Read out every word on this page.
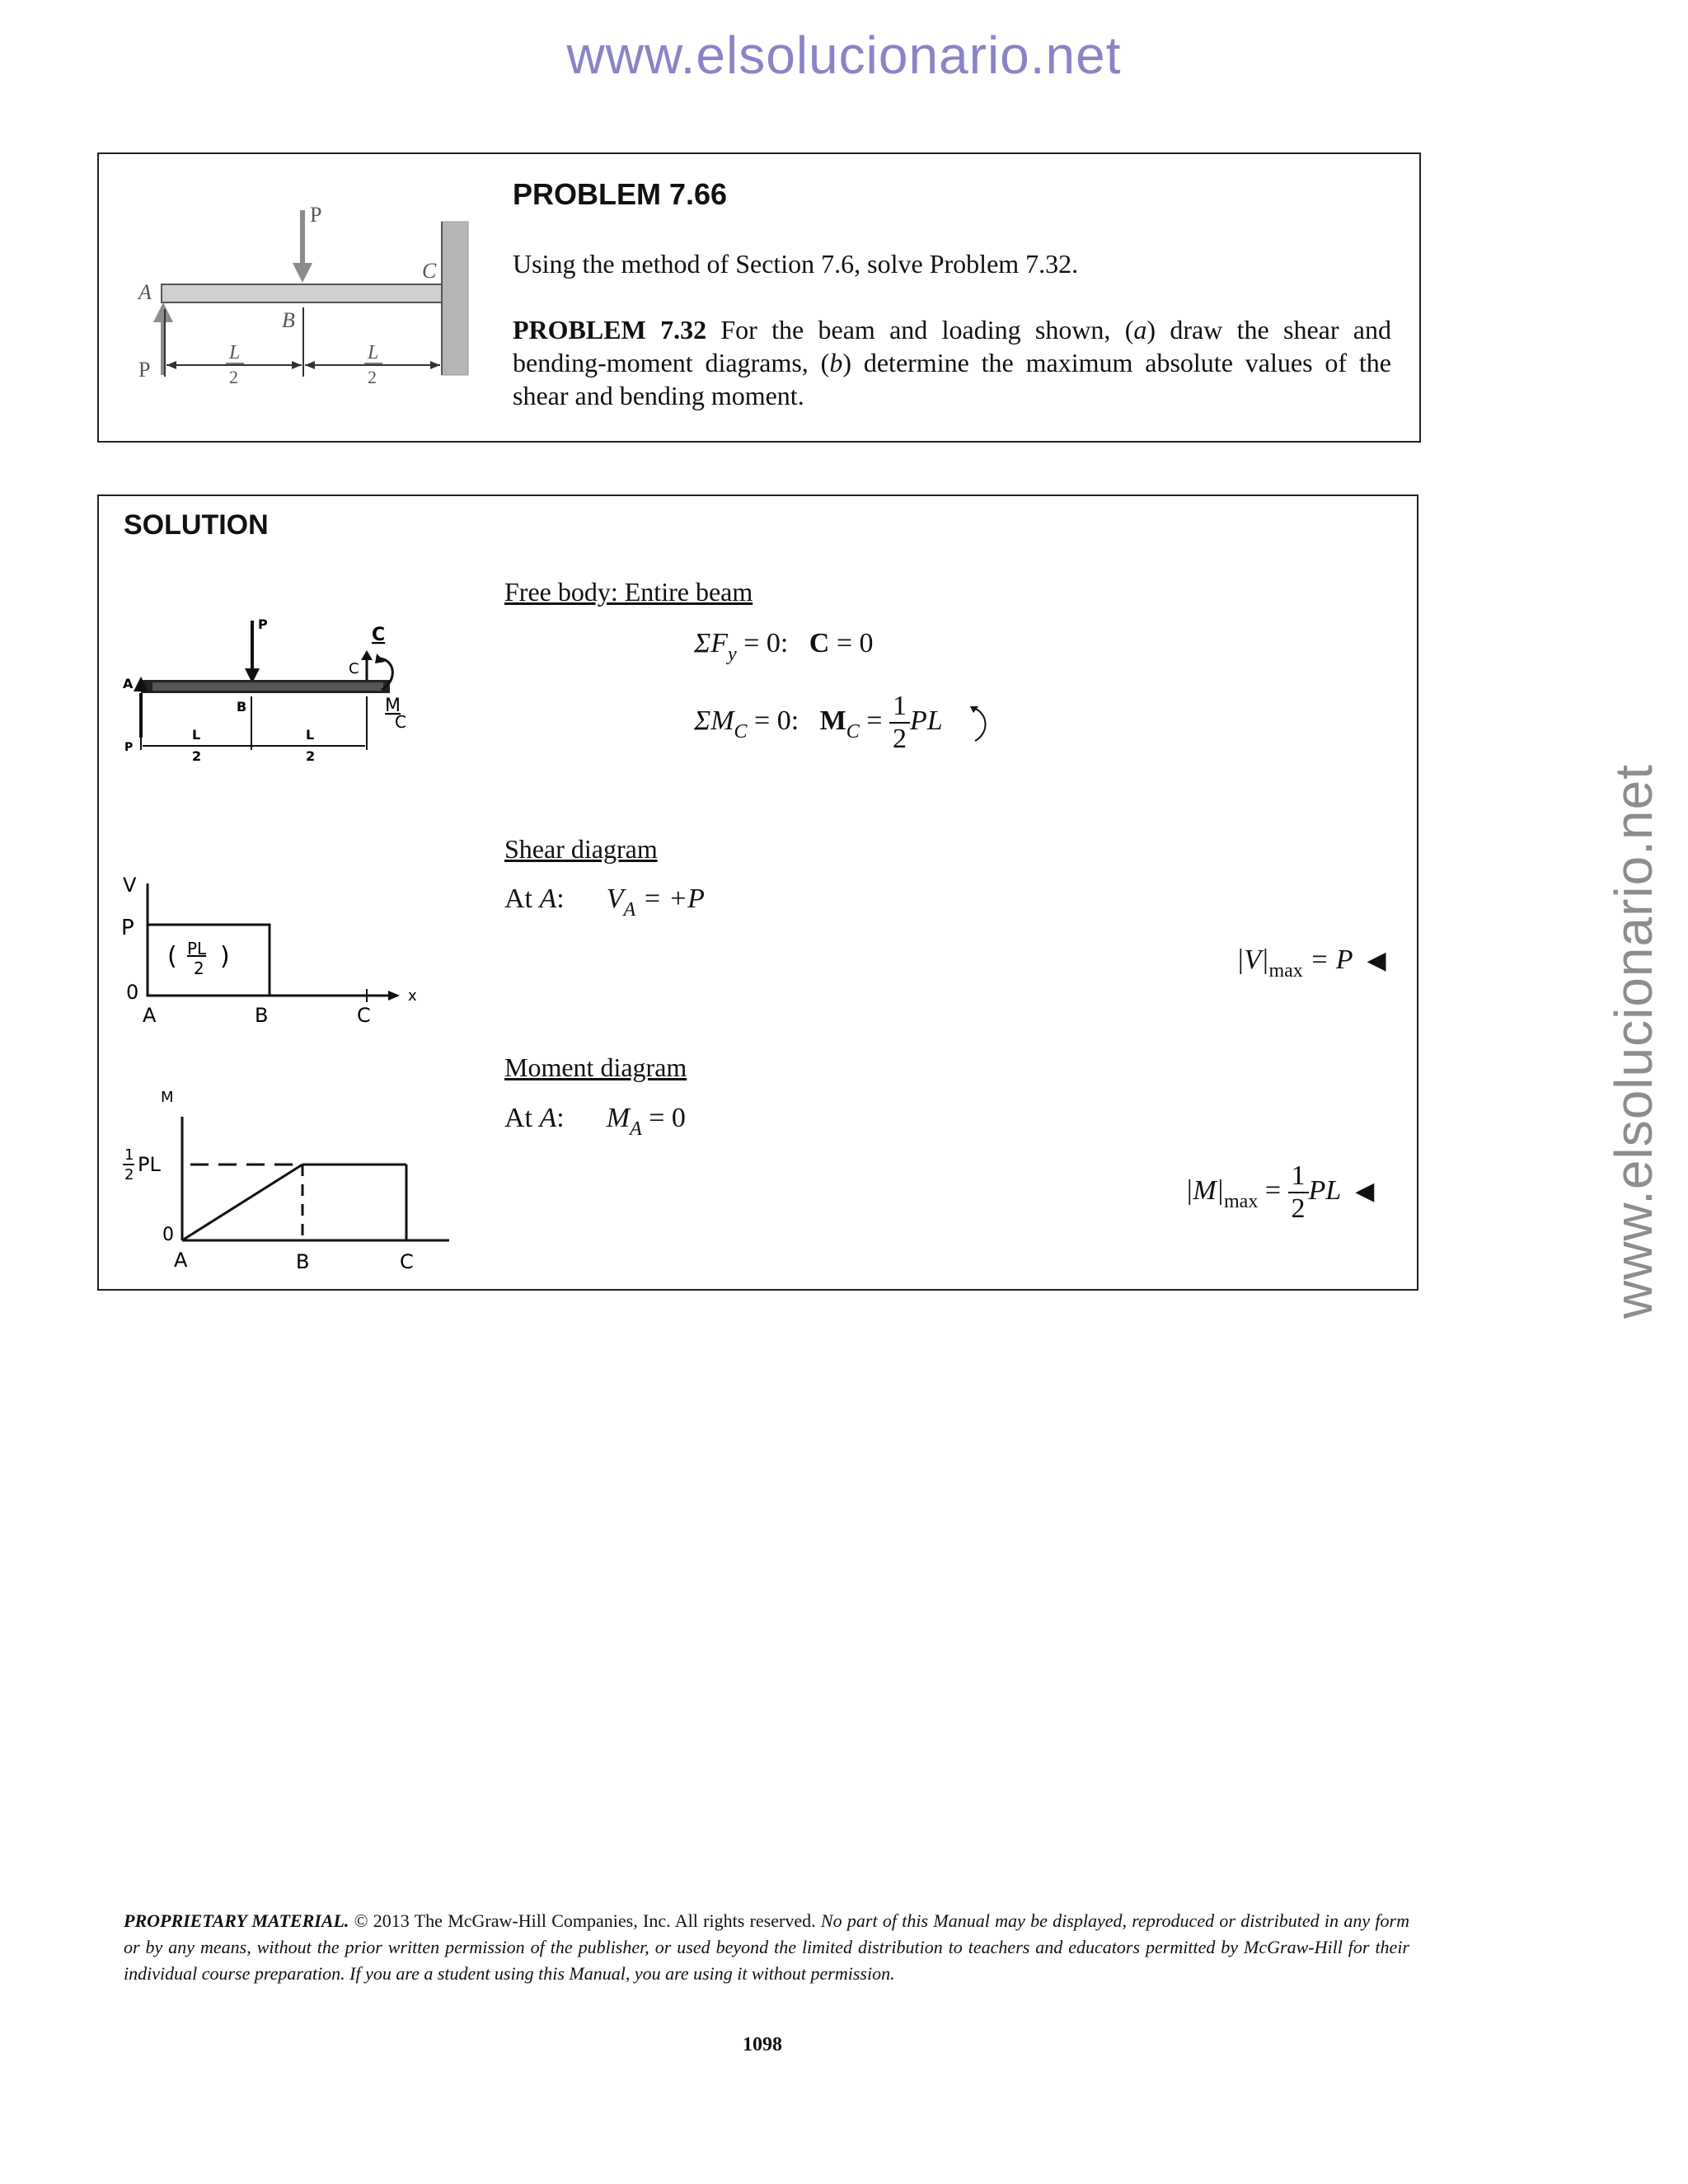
www.elsolucionario.net
www.elsolucionario.net
P
C
A
B
P
L
2
L
2
PROBLEM 7.66
Using the method of Section 7.6, solve Problem 7.32.
PROBLEM 7.32 For the beam and loading shown, (a) draw the shear and bending-moment diagrams, (b) determine the maximum absolute values of the shear and bending moment.
SOLUTION
P
A
C
C
M
C
B
P
L
2
L
2
Free body: Entire beam
$\Sigma F_y = 0$: C = 0
$\Sigma M_C = 0$: $M_C = \frac{1}{2}$ PL
V
P
0
A	B	C
x
( PL
2 )
Shear diagram
At A: $V_A = +P$
$|V|_{max} = P$ ◀
M
1
2 PL
0
A	B	C
Moment diagram
At A: $M_A = 0$
$|M|_{max} = \frac{1}{2}$ PL ◀
PROPRIETARY MATERIAL. © 2013 The McGraw-Hill Companies, Inc. All rights reserved. No part of this Manual may be displayed, reproduced or distributed in any form or by any means, without the prior written permission of the publisher, or used beyond the limited distribution to teachers and educators permitted by McGraw-Hill for their individual course preparation. If you are a student using this Manual, you are using it without permission.
1098
